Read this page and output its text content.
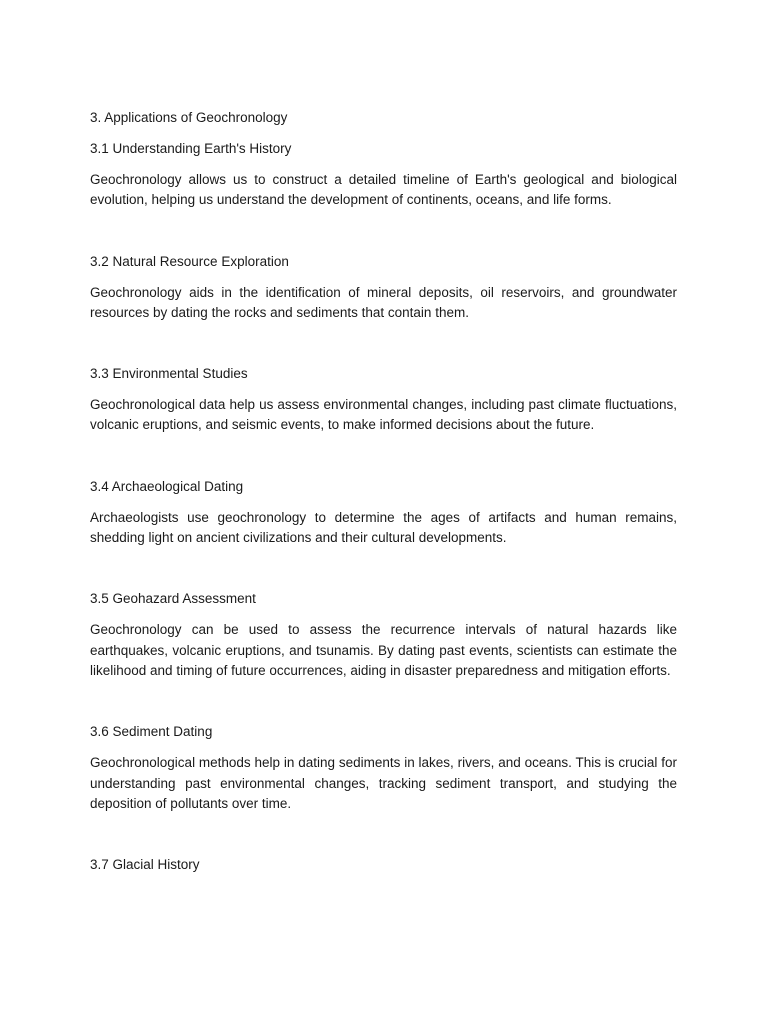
3. Applications of Geochronology

3.1 Understanding Earth's History

Geochronology allows us to construct a detailed timeline of Earth's geological and biological evolution, helping us understand the development of continents, oceans, and life forms.

3.2 Natural Resource Exploration

Geochronology aids in the identification of mineral deposits, oil reservoirs, and groundwater resources by dating the rocks and sediments that contain them.

3.3 Environmental Studies

Geochronological data help us assess environmental changes, including past climate fluctuations, volcanic eruptions, and seismic events, to make informed decisions about the future.

3.4 Archaeological Dating

Archaeologists use geochronology to determine the ages of artifacts and human remains, shedding light on ancient civilizations and their cultural developments.

3.5 Geohazard Assessment

Geochronology can be used to assess the recurrence intervals of natural hazards like earthquakes, volcanic eruptions, and tsunamis. By dating past events, scientists can estimate the likelihood and timing of future occurrences, aiding in disaster preparedness and mitigation efforts.

3.6 Sediment Dating

Geochronological methods help in dating sediments in lakes, rivers, and oceans. This is crucial for understanding past environmental changes, tracking sediment transport, and studying the deposition of pollutants over time.

3.7 Glacial History
